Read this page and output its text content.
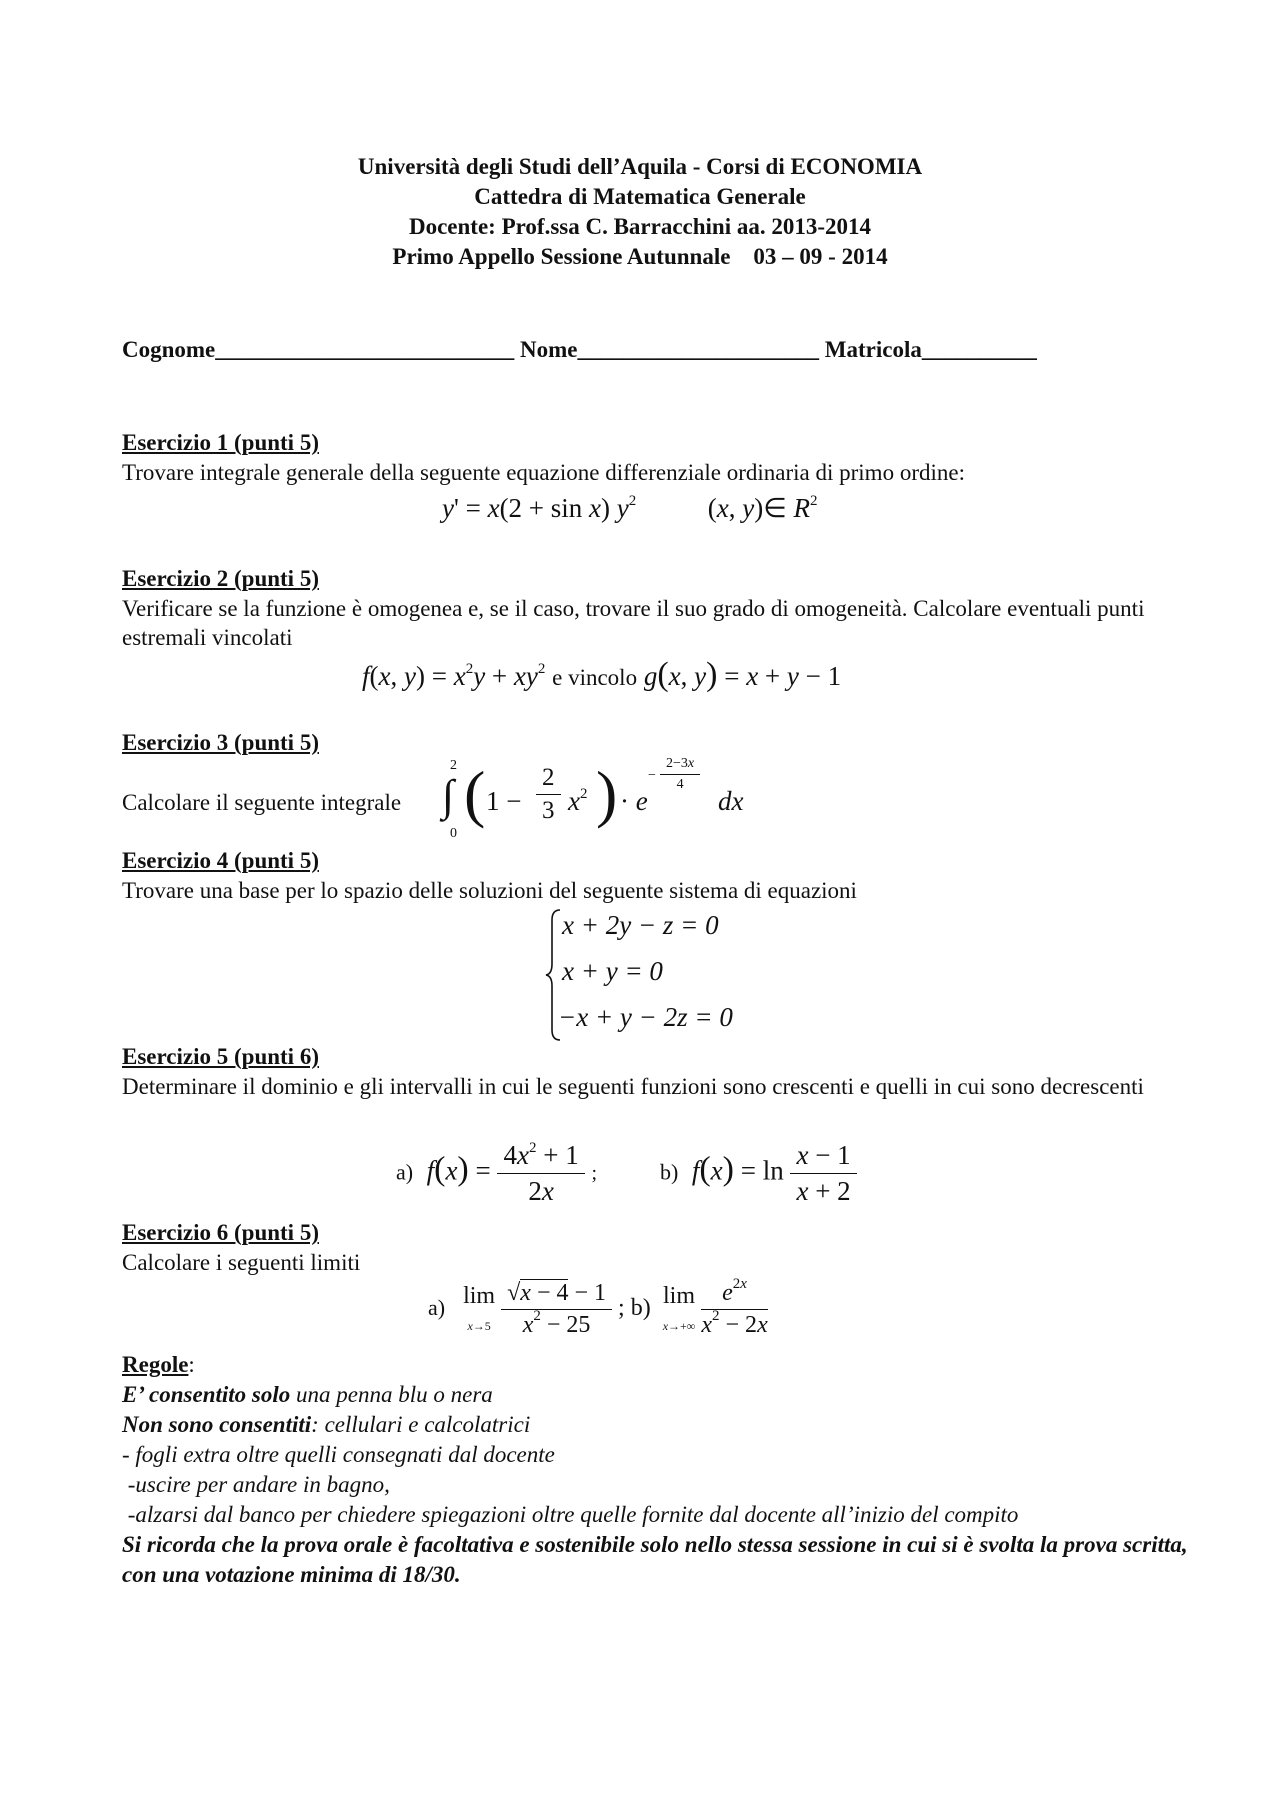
Università degli Studi dell’Aquila - Corsi di ECONOMIA
Cattedra di Matematica Generale
Docente: Prof.ssa C. Barracchini aa. 2013-2014
Primo Appello Sessione Autunnale    03 – 09 - 2014
Cognome__________________________ Nome_____________________ Matricola__________
Esercizio 1 (punti 5)
Trovare integrale generale della seguente equazione differenziale ordinaria di primo ordine:
y' = x(2 + sin x) $y^2$  (x, y)∈ $R^2$
Esercizio 2 (punti 5)
Verificare se la funzione è omogenea e, se il caso, trovare il suo grado di omogeneità. Calcolare eventuali punti estremali vincolati
f(x, $y) = x^2y + xy^2$ e vincolo g(x, y) = x + y − 1
Esercizio 3 (punti 5)
Calcolare il seguente integrale
2
∫
0
( $1 - \frac{2}{3} x^2$ ) · e
− $\frac{2-3x}{4}$
dx
Esercizio 4 (punti 5)
Trovare una base per lo spazio delle soluzioni del seguente sistema di equazioni
x + 2y − z = 0
x + y = 0
−x + y − 2z = 0
Esercizio 5 (punti 6)
Determinare il dominio e gli intervalli in cui le seguenti funzioni sono crescenti e quelli in cui sono decrescenti
a) $f(x) = \frac{4x^2 + 1}{2x}$ ;	b) $f(x) = \ln \frac{x - 1}{x + 2}$
Esercizio 6 (punti 5)
Calcolare i seguenti limiti
a) lim
$x\to 5 \frac{√x - 4 - 1}{x^2 - 25}$ ; b)  lim
$x\to+\infty \frac{e^{2x}}{x^2 - 2x}$
Regole:
E’ consentito solo una penna blu o nera
Non sono consentiti: cellulari e calcolatrici
- fogli extra oltre quelli consegnati dal docente
-uscire per andare in bagno,
-alzarsi dal banco per chiedere spiegazioni oltre quelle fornite dal docente all’inizio del compito
Si ricorda che la prova orale è facoltativa e sostenibile solo nello stessa sessione in cui si è svolta la prova scritta, con una votazione minima di 18/30.
